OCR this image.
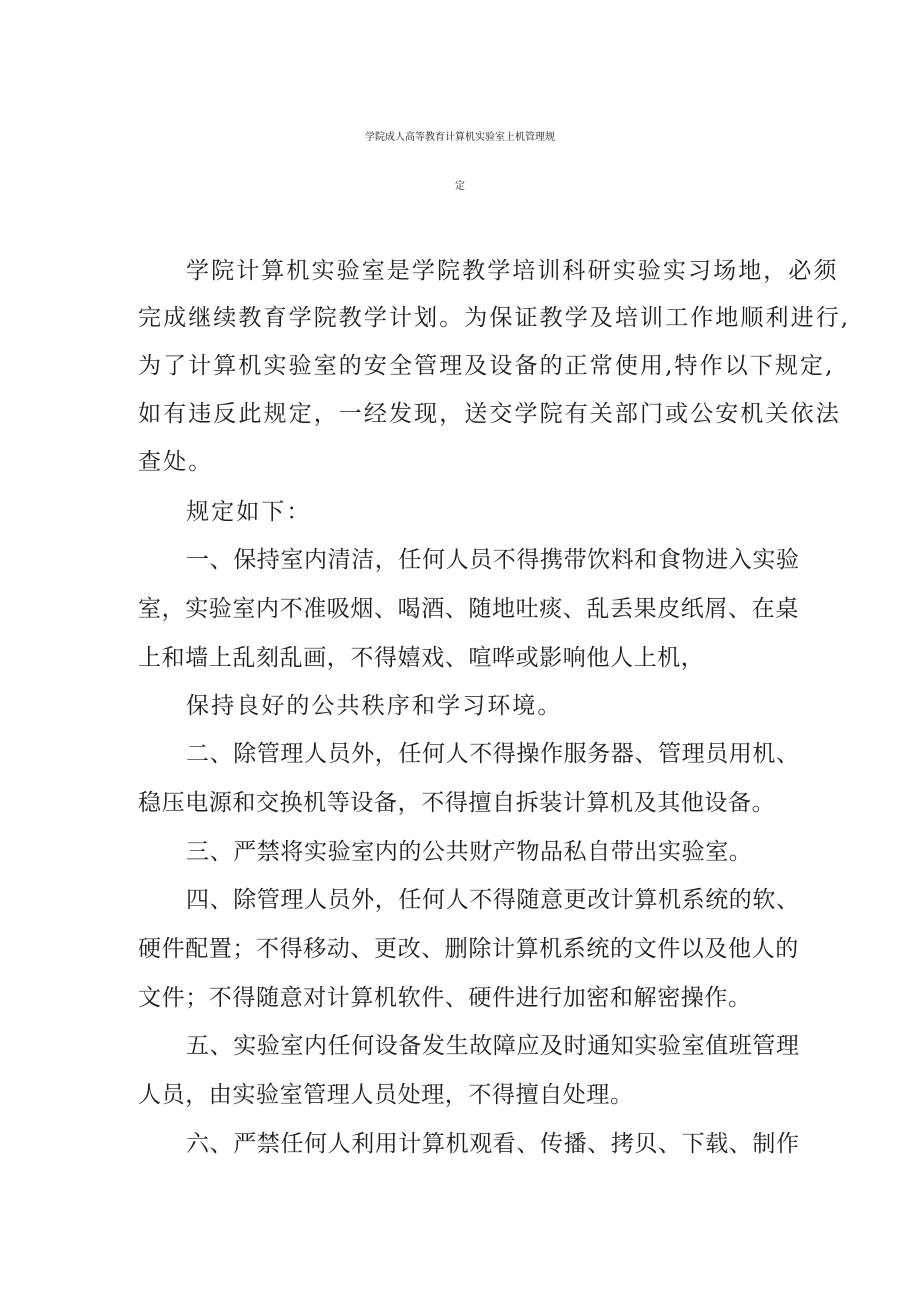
学院成人高等教育计算机实验室上机管理规
定
学院计算机实验室是学院教学培训科研实验实习场地，必须
完成继续教育学院教学计划。为保证教学及培训工作地顺利进行,
为了计算机实验室的安全管理及设备的正常使用,特作以下规定,
如有违反此规定，一经发现，送交学院有关部门或公安机关依法
查处。
规定如下：
一、保持室内清洁，任何人员不得携带饮料和食物进入实验
室，实验室内不准吸烟、喝酒、随地吐痰、乱丢果皮纸屑、在桌
上和墙上乱刻乱画，不得嬉戏、喧哗或影响他人上机，
保持良好的公共秩序和学习环境。
二、除管理人员外，任何人不得操作服务器、管理员用机、
稳压电源和交换机等设备，不得擅自拆装计算机及其他设备。
三、严禁将实验室内的公共财产物品私自带出实验室。
四、除管理人员外，任何人不得随意更改计算机系统的软、
硬件配置；不得移动、更改、删除计算机系统的文件以及他人的
文件；不得随意对计算机软件、硬件进行加密和解密操作。
五、实验室内任何设备发生故障应及时通知实验室值班管理
人员，由实验室管理人员处理，不得擅自处理。
六、严禁任何人利用计算机观看、传播、拷贝、下载、制作
